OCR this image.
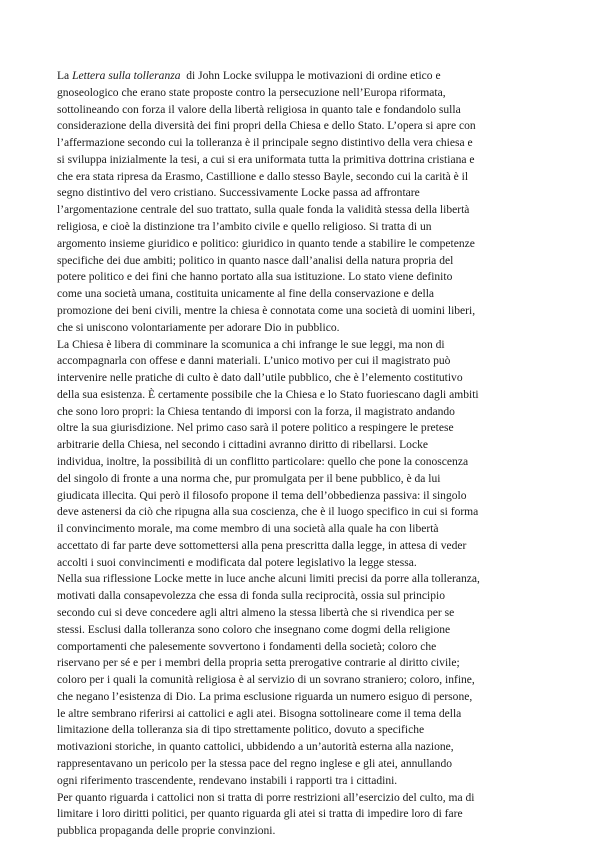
La Lettera sulla tolleranza  di John Locke sviluppa le motivazioni di ordine etico e
gnoseologico che erano state proposte contro la persecuzione nell’Europa riformata,
sottolineando con forza il valore della libertà religiosa in quanto tale e fondandolo sulla
considerazione della diversità dei fini propri della Chiesa e dello Stato. L’opera si apre con
l’affermazione secondo cui la tolleranza è il principale segno distintivo della vera chiesa e
si sviluppa inizialmente la tesi, a cui si era uniformata tutta la primitiva dottrina cristiana e
che era stata ripresa da Erasmo, Castillione e dallo stesso Bayle, secondo cui la carità è il
segno distintivo del vero cristiano. Successivamente Locke passa ad affrontare
l’argomentazione centrale del suo trattato, sulla quale fonda la validità stessa della libertà
religiosa, e cioè la distinzione tra l’ambito civile e quello religioso. Si tratta di un
argomento insieme giuridico e politico: giuridico in quanto tende a stabilire le competenze
specifiche dei due ambiti; politico in quanto nasce dall’analisi della natura propria del
potere politico e dei fini che hanno portato alla sua istituzione. Lo stato viene definito
come una società umana, costituita unicamente al fine della conservazione e della
promozione dei beni civili, mentre la chiesa è connotata come una società di uomini liberi,
che si uniscono volontariamente per adorare Dio in pubblico.
La Chiesa è libera di comminare la scomunica a chi infrange le sue leggi, ma non di
accompagnarla con offese e danni materiali. L’unico motivo per cui il magistrato può
intervenire nelle pratiche di culto è dato dall’utile pubblico, che è l’elemento costitutivo
della sua esistenza. È certamente possibile che la Chiesa e lo Stato fuoriescano dagli ambiti
che sono loro propri: la Chiesa tentando di imporsi con la forza, il magistrato andando
oltre la sua giurisdizione. Nel primo caso sarà il potere politico a respingere le pretese
arbitrarie della Chiesa, nel secondo i cittadini avranno diritto di ribellarsi. Locke
individua, inoltre, la possibilità di un conflitto particolare: quello che pone la conoscenza
del singolo di fronte a una norma che, pur promulgata per il bene pubblico, è da lui
giudicata illecita. Qui però il filosofo propone il tema dell’obbedienza passiva: il singolo
deve astenersi da ciò che ripugna alla sua coscienza, che è il luogo specifico in cui si forma
il convincimento morale, ma come membro di una società alla quale ha con libertà
accettato di far parte deve sottomettersi alla pena prescritta dalla legge, in attesa di veder
accolti i suoi convincimenti e modificata dal potere legislativo la legge stessa.
Nella sua riflessione Locke mette in luce anche alcuni limiti precisi da porre alla tolleranza,
motivati dalla consapevolezza che essa di fonda sulla reciprocità, ossia sul principio
secondo cui si deve concedere agli altri almeno la stessa libertà che si rivendica per se
stessi. Esclusi dalla tolleranza sono coloro che insegnano come dogmi della religione
comportamenti che palesemente sovvertono i fondamenti della società; coloro che
riservano per sé e per i membri della propria setta prerogative contrarie al diritto civile;
coloro per i quali la comunità religiosa è al servizio di un sovrano straniero; coloro, infine,
che negano l’esistenza di Dio. La prima esclusione riguarda un numero esiguo di persone,
le altre sembrano riferirsi ai cattolici e agli atei. Bisogna sottolineare come il tema della
limitazione della tolleranza sia di tipo strettamente politico, dovuto a specifiche
motivazioni storiche, in quanto cattolici, ubbidendo a un’autorità esterna alla nazione,
rappresentavano un pericolo per la stessa pace del regno inglese e gli atei, annullando
ogni riferimento trascendente, rendevano instabili i rapporti tra i cittadini.
Per quanto riguarda i cattolici non si tratta di porre restrizioni all’esercizio del culto, ma di
limitare i loro diritti politici, per quanto riguarda gli atei si tratta di impedire loro di fare
pubblica propaganda delle proprie convinzioni.
